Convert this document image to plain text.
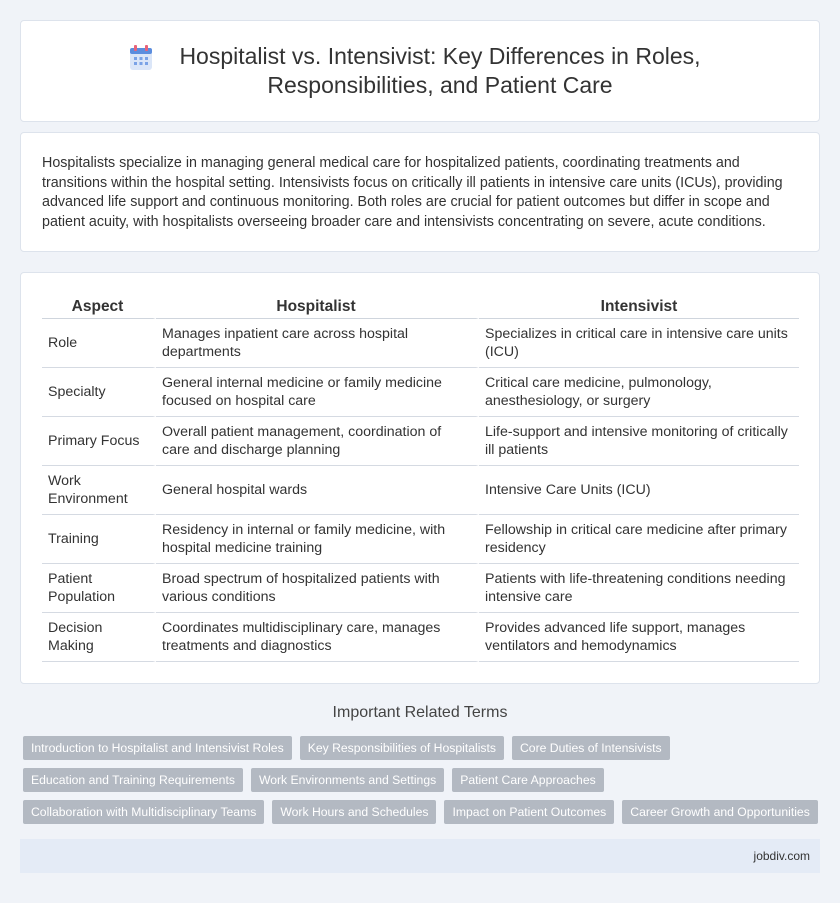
Hospitalist vs. Intensivist: Key Differences in Roles, Responsibilities, and Patient Care

Hospitalists specialize in managing general medical care for hospitalized patients, coordinating treatments and transitions within the hospital setting. Intensivists focus on critically ill patients in intensive care units (ICUs), providing advanced life support and continuous monitoring. Both roles are crucial for patient outcomes but differ in scope and patient acuity, with hospitalists overseeing broader care and intensivists concentrating on severe, acute conditions.

Aspect	Hospitalist	Intensivist
Role	Manages inpatient care across hospital departments	Specializes in critical care in intensive care units (ICU)
Specialty	General internal medicine or family medicine focused on hospital care	Critical care medicine, pulmonology, anesthesiology, or surgery
Primary Focus	Overall patient management, coordination of care and discharge planning	Life-support and intensive monitoring of critically ill patients
Work Environment	General hospital wards	Intensive Care Units (ICU)
Training	Residency in internal or family medicine, with hospital medicine training	Fellowship in critical care medicine after primary residency
Patient Population	Broad spectrum of hospitalized patients with various conditions	Patients with life-threatening conditions needing intensive care
Decision Making	Coordinates multidisciplinary care, manages treatments and diagnostics	Provides advanced life support, manages ventilators and hemodynamics
Important Related Terms
Introduction to Hospitalist and Intensivist Roles	Key Responsibilities of Hospitalists	Core Duties of Intensivists
Education and Training Requirements	Work Environments and Settings	Patient Care Approaches
Collaboration with Multidisciplinary Teams	Work Hours and Schedules	Impact on Patient Outcomes	Career Growth and Opportunities
jobdiv.com
